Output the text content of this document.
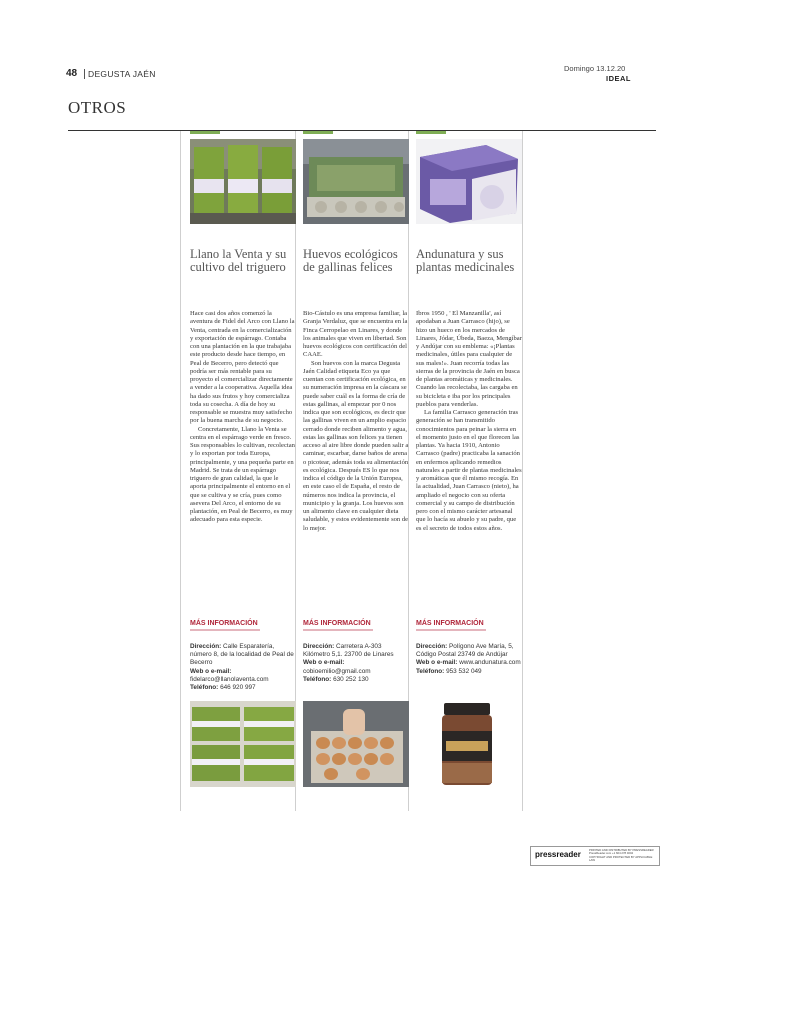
48	DEGUSTA JAÉN
Domingo 13.12.20
IDEAL
OTROS
Llano la Venta y su cultivo del triguero

Hace casi dos años comenzó la aventura de Fidel del Arco con Llano la Venta, centrada en la comercialización y exportación de espárrago. Contaba con una plantación en la que trabajaba este producto desde hace tiempo, en Peal de Becerro, pero detectó que podría ser más rentable para su proyecto el comercializar directamente a vender a la cooperativa. Aquella idea ha dado sus frutos y hoy comercializa toda su cosecha. A día de hoy su responsable se muestra muy satisfecho por la buena marcha de su negocio.

Concretamente, Llano la Venta se centra en el espárrago verde en fresco. Sus responsables lo cultivan, recolectan y lo exportan por toda Europa, principalmente, y una pequeña parte en Madrid. Se trata de un espárrago triguero de gran calidad, la que le aporta principalmente el entorno en el que se cultiva y se cría, pues como asevera Del Arco, el entorno de su plantación, en Peal de Becerro, es muy adecuado para esta especie.

MÁS INFORMACIÓN
Dirección: Calle Esparatería, número 8, de la localidad de Peal de Becerro
Web o e-mail: fidelarco@llanolaventa.com
Teléfono: 646 920 997
Huevos ecológicos de gallinas felices

Bio-Cástulo es una empresa familiar, la Granja Verdaluz, que se encuentra en la Finca Cerropelao en Linares, y donde los animales que viven en libertad. Son huevos ecológicos con certificación del CAAE.

Son huevos con la marca Degusta Jaén Calidad etiqueta Eco ya que cuentan con certificación ecológica, en su numeración impresa en la cáscara se puede saber cuál es la forma de cría de estas gallinas, al empezar por 0 nos indica que son ecológicos, es decir que las gallinas viven en un amplio espacio cerrado donde reciben alimento y agua, estas las gallinas son felices ya tienen acceso al aire libre donde pueden salir a caminar, escarbar, darse baños de arena o picotear, además toda su alimentación es ecológica. Después ES lo que nos indica el código de la Unión Europea, en este caso el de España, el resto de números nos indica la provincia, el municipio y la granja. Los huevos son un alimento clave en cualquier dieta saludable, y estos evidentemente son de lo mejor.

MÁS INFORMACIÓN
Dirección: Carretera A-303 Kilómetro 5,1. 23700 de Linares
Web o e-mail: cobioemilio@gmail.com
Teléfono: 630 252 130
Andunatura y sus plantas medicinales

Ibros 1950 , ' El Manzanilla', así apodaban a Juan Carrasco (hijo), se hizo un hueco en los mercados de Linares, Jódar, Úbeda, Baeza, Mengíbar y Andújar con su emblema: «¡Plantas medicinales, útiles para cualquier de sus males!». Juan recorría todas las sierras de la provincia de Jaén en busca de plantas aromáticas y medicinales. Cuando las recolectaba, las cargaba en su bicicleta e iba por los principales pueblos para venderlas.

La familia Carrasco generación tras generación se han transmitido conocimientos para peinar la sierra en el momento justo en el que florecen las plantas. Ya hacia 1910, Antonio Carrasco (padre) practicaba la sanación en enfermos aplicando remedios naturales a partir de plantas medicinales y aromáticas que él mismo recogía. En la actualidad, Juan Carrasco (nieto), ha ampliado el negocio con su oferta comercial y su campo de distribución pero con el mismo carácter artesanal que lo hacía su abuelo y su padre, que es el secreto de todos estos años.

MÁS INFORMACIÓN
Dirección: Polígono Ave María, 5, Código Postal 23749 de Andújar
Web o e-mail: www.andunatura.com
Teléfono: 953 532 049
pressreader	PRINTED AND DISTRIBUTED BY PRESSREADER
PressReader.com +1 604 278 4604
COPYRIGHT AND PROTECTED BY APPLICABLE LAW
